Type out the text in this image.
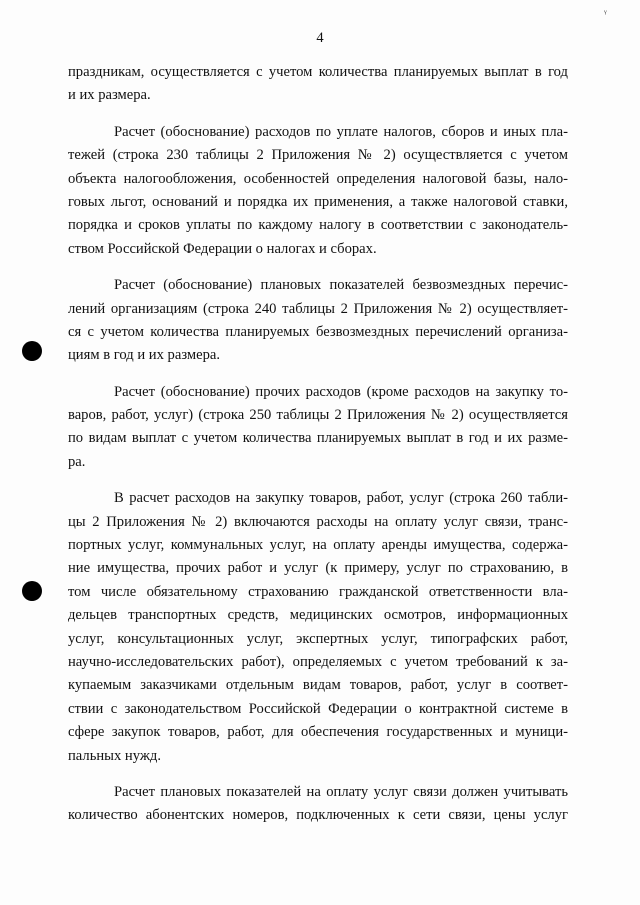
ᵞ
4
праздникам, осуществляется с учетом количества планируемых выплат в год
и их размера.
Расчет (обоснование) расходов по уплате налогов, сборов и иных пла-
тежей (строка 230 таблицы 2 Приложения № 2) осуществляется с учетом
объекта налогообложения, особенностей определения налоговой базы, нало-
говых льгот, оснований и порядка их применения, а также налоговой ставки,
порядка и сроков уплаты по каждому налогу в соответствии с законодатель-
ством Российской Федерации о налогах и сборах.
Расчет (обоснование) плановых показателей безвозмездных перечис-
лений организациям (строка 240 таблицы 2 Приложения № 2) осуществляет-
ся с учетом количества планируемых безвозмездных перечислений организа-
циям в год и их размера.
Расчет (обоснование) прочих расходов (кроме расходов на закупку то-
варов, работ, услуг) (строка 250 таблицы 2 Приложения № 2) осуществляется
по видам выплат с учетом количества планируемых выплат в год и их разме-
ра.
В расчет расходов на закупку товаров, работ, услуг (строка 260 табли-
цы 2 Приложения № 2) включаются расходы на оплату услуг связи, транс-
портных услуг, коммунальных услуг, на оплату аренды имущества, содержа-
ние имущества, прочих работ и услуг (к примеру, услуг по страхованию, в
том числе обязательному страхованию гражданской ответственности вла-
дельцев транспортных средств, медицинских осмотров, информационных
услуг, консультационных услуг, экспертных услуг, типографских работ,
научно-исследовательских работ), определяемых с учетом требований к за-
купаемым заказчиками отдельным видам товаров, работ, услуг в соответ-
ствии с законодательством Российской Федерации о контрактной системе в
сфере закупок товаров, работ, для обеспечения государственных и муници-
пальных нужд.
Расчет плановых показателей на оплату услуг связи должен учитывать
количество абонентских номеров, подключенных к сети связи, цены услуг
